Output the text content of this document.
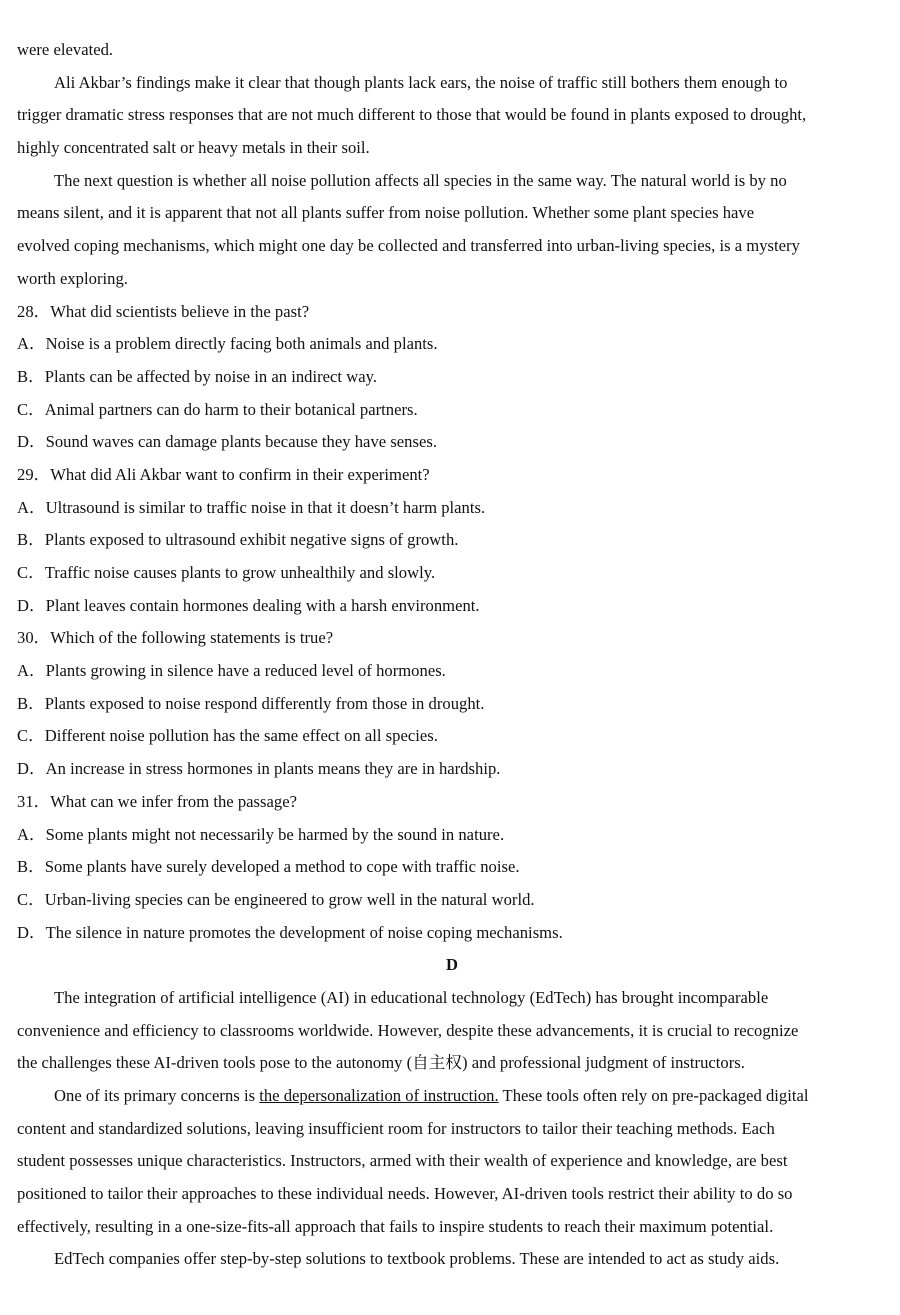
were elevated.
Ali Akbar’s findings make it clear that though plants lack ears, the noise of traffic still bothers them enough to
trigger dramatic stress responses that are not much different to those that would be found in plants exposed to drought,
highly concentrated salt or heavy metals in their soil.
The next question is whether all noise pollution affects all species in the same way. The natural world is by no
means silent, and it is apparent that not all plants suffer from noise pollution. Whether some plant species have
evolved coping mechanisms, which might one day be collected and transferred into urban-living species, is a mystery
worth exploring.
28．What did scientists believe in the past?
A．Noise is a problem directly facing both animals and plants.
B．Plants can be affected by noise in an indirect way.
C．Animal partners can do harm to their botanical partners.
D．Sound waves can damage plants because they have senses.
29．What did Ali Akbar want to confirm in their experiment?
A．Ultrasound is similar to traffic noise in that it doesn’t harm plants.
B．Plants exposed to ultrasound exhibit negative signs of growth.
C．Traffic noise causes plants to grow unhealthily and slowly.
D．Plant leaves contain hormones dealing with a harsh environment.
30．Which of the following statements is true?
A．Plants growing in silence have a reduced level of hormones.
B．Plants exposed to noise respond differently from those in drought.
C．Different noise pollution has the same effect on all species.
D．An increase in stress hormones in plants means they are in hardship.
31．What can we infer from the passage?
A．Some plants might not necessarily be harmed by the sound in nature.
B．Some plants have surely developed a method to cope with traffic noise.
C．Urban-living species can be engineered to grow well in the natural world.
D．The silence in nature promotes the development of noise coping mechanisms.
D
The integration of artificial intelligence (AI) in educational technology (EdTech) has brought incomparable
convenience and efficiency to classrooms worldwide. However, despite these advancements, it is crucial to recognize
the challenges these AI-driven tools pose to the autonomy (自主权) and professional judgment of instructors.
One of its primary concerns is the depersonalization of instruction. These tools often rely on pre-packaged digital
content and standardized solutions, leaving insufficient room for instructors to tailor their teaching methods. Each
student possesses unique characteristics. Instructors, armed with their wealth of experience and knowledge, are best
positioned to tailor their approaches to these individual needs. However, AI-driven tools restrict their ability to do so
effectively, resulting in a one-size-fits-all approach that fails to inspire students to reach their maximum potential.
EdTech companies offer step-by-step solutions to textbook problems. These are intended to act as study aids.
